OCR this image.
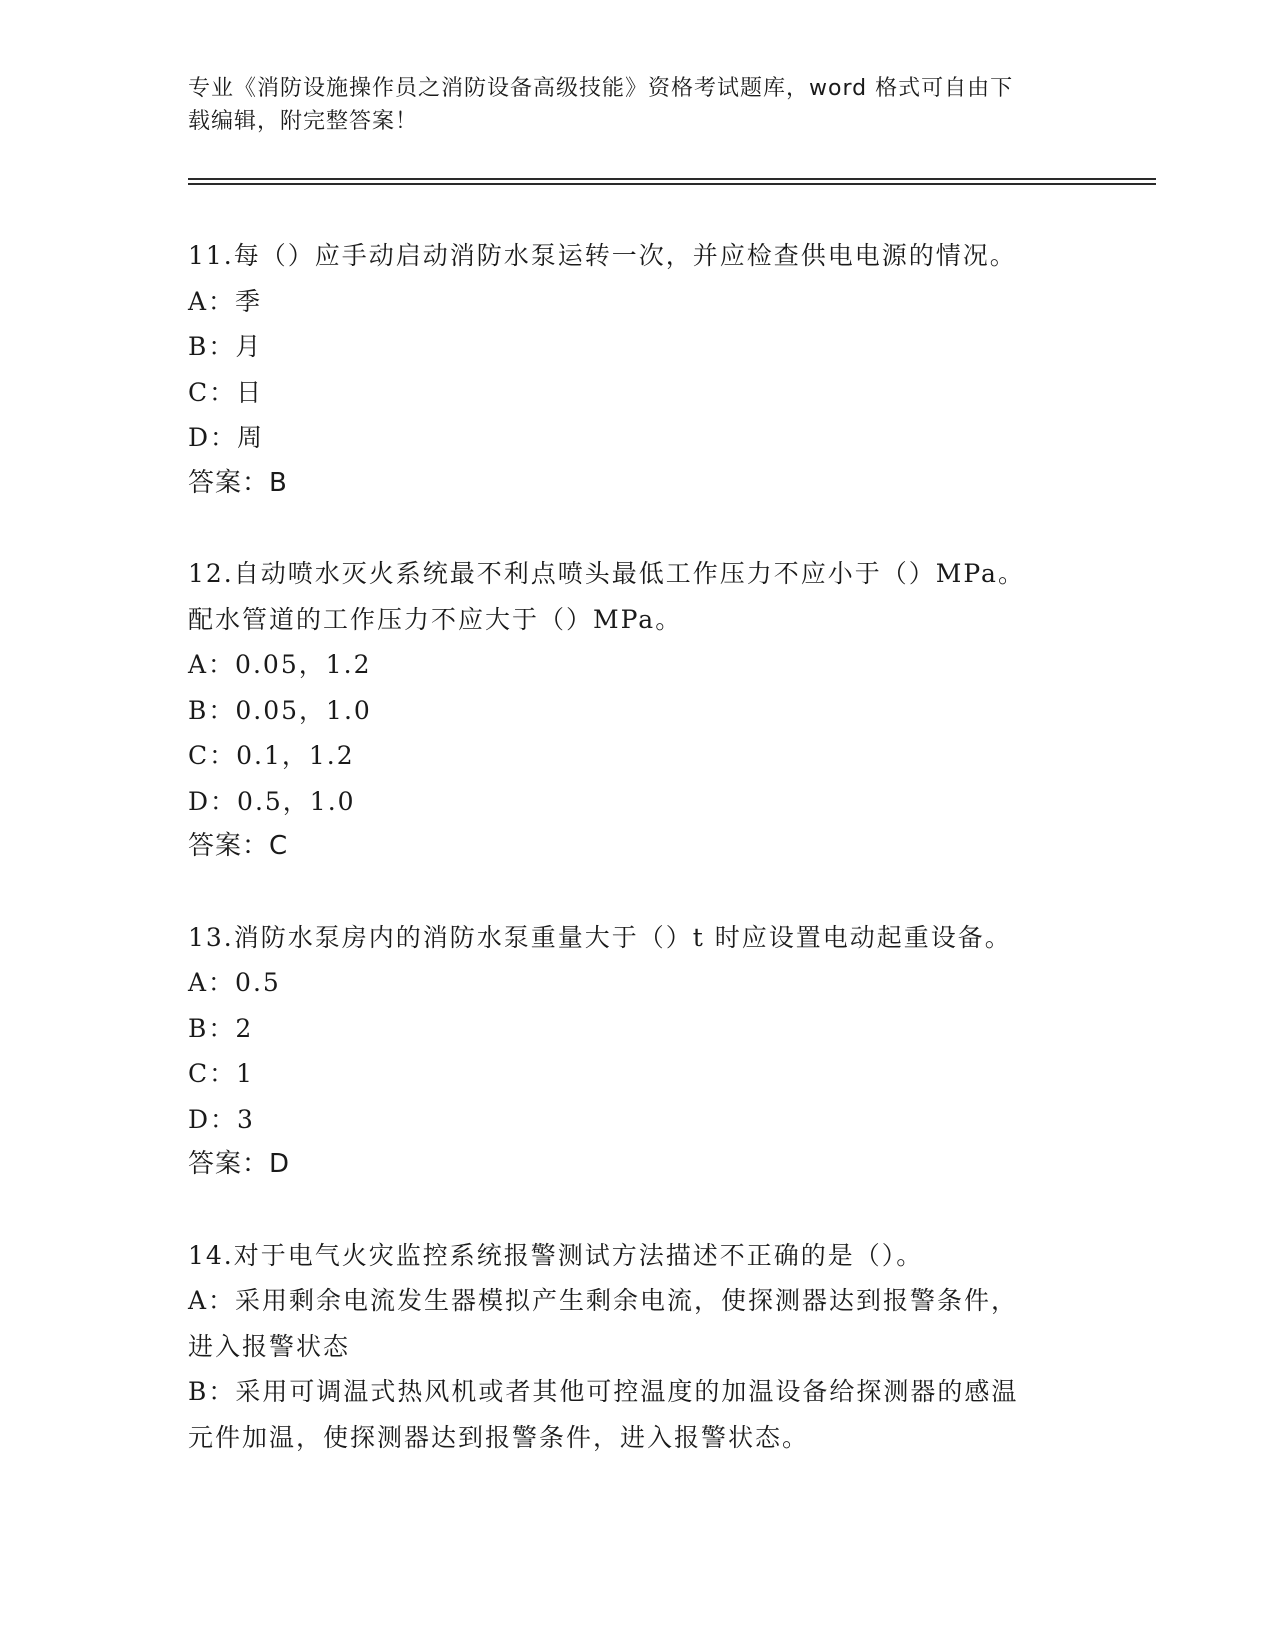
专业《消防设施操作员之消防设备高级技能》资格考试题库，word 格式可自由下
载编辑，附完整答案！
11.每（）应手动启动消防水泵运转一次，并应检查供电电源的情况。
A：季
B：月
C：日
D：周
答案：B
12.自动喷水灭火系统最不利点喷头最低工作压力不应小于（）MPa。
配水管道的工作压力不应大于（）MPa。
A：0.05，1.2
B：0.05，1.0
C：0.1，1.2
D：0.5，1.0
答案：C
13.消防水泵房内的消防水泵重量大于（）t 时应设置电动起重设备。
A：0.5
B：2
C：1
D：3
答案：D
14.对于电气火灾监控系统报警测试方法描述不正确的是（）。
A：采用剩余电流发生器模拟产生剩余电流，使探测器达到报警条件，
进入报警状态
B：采用可调温式热风机或者其他可控温度的加温设备给探测器的感温
元件加温，使探测器达到报警条件，进入报警状态。
